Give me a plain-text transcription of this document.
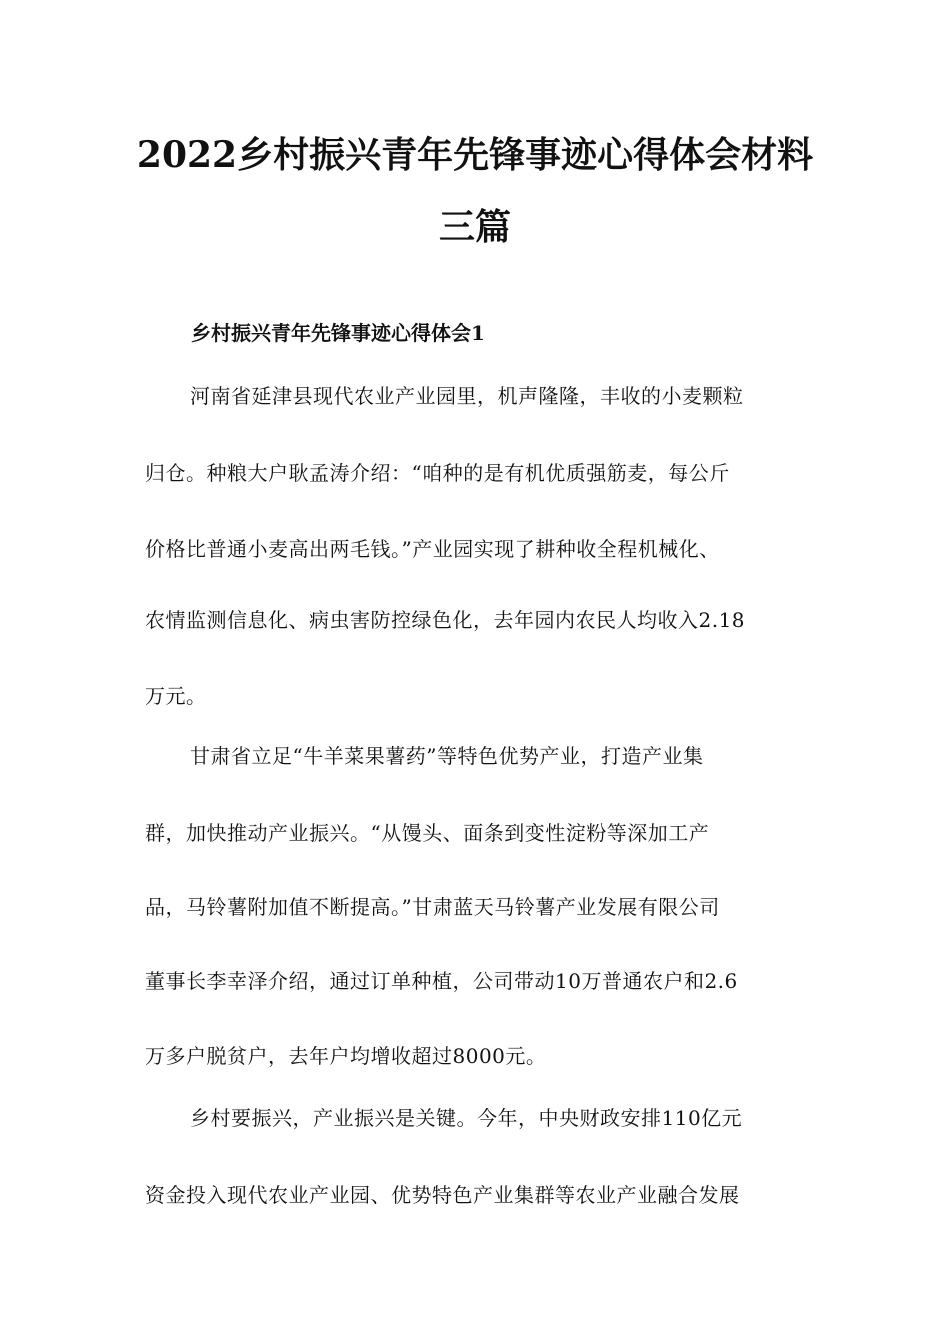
2022乡村振兴青年先锋事迹心得体会材料
三篇
乡村振兴青年先锋事迹心得体会1
河南省延津县现代农业产业园里，机声隆隆，丰收的小麦颗粒
归仓。种粮大户耿孟涛介绍：“咱种的是有机优质强筋麦，每公斤
价格比普通小麦高出两毛钱。”产业园实现了耕种收全程机械化、
农情监测信息化、病虫害防控绿色化，去年园内农民人均收入2.18
万元。
甘肃省立足“牛羊菜果薯药”等特色优势产业，打造产业集
群，加快推动产业振兴。“从馒头、面条到变性淀粉等深加工产
品，马铃薯附加值不断提高。”甘肃蓝天马铃薯产业发展有限公司
董事长李幸泽介绍，通过订单种植，公司带动10万普通农户和2.6
万多户脱贫户，去年户均增收超过8000元。
乡村要振兴，产业振兴是关键。今年，中央财政安排110亿元
资金投入现代农业产业园、优势特色产业集群等农业产业融合发展
